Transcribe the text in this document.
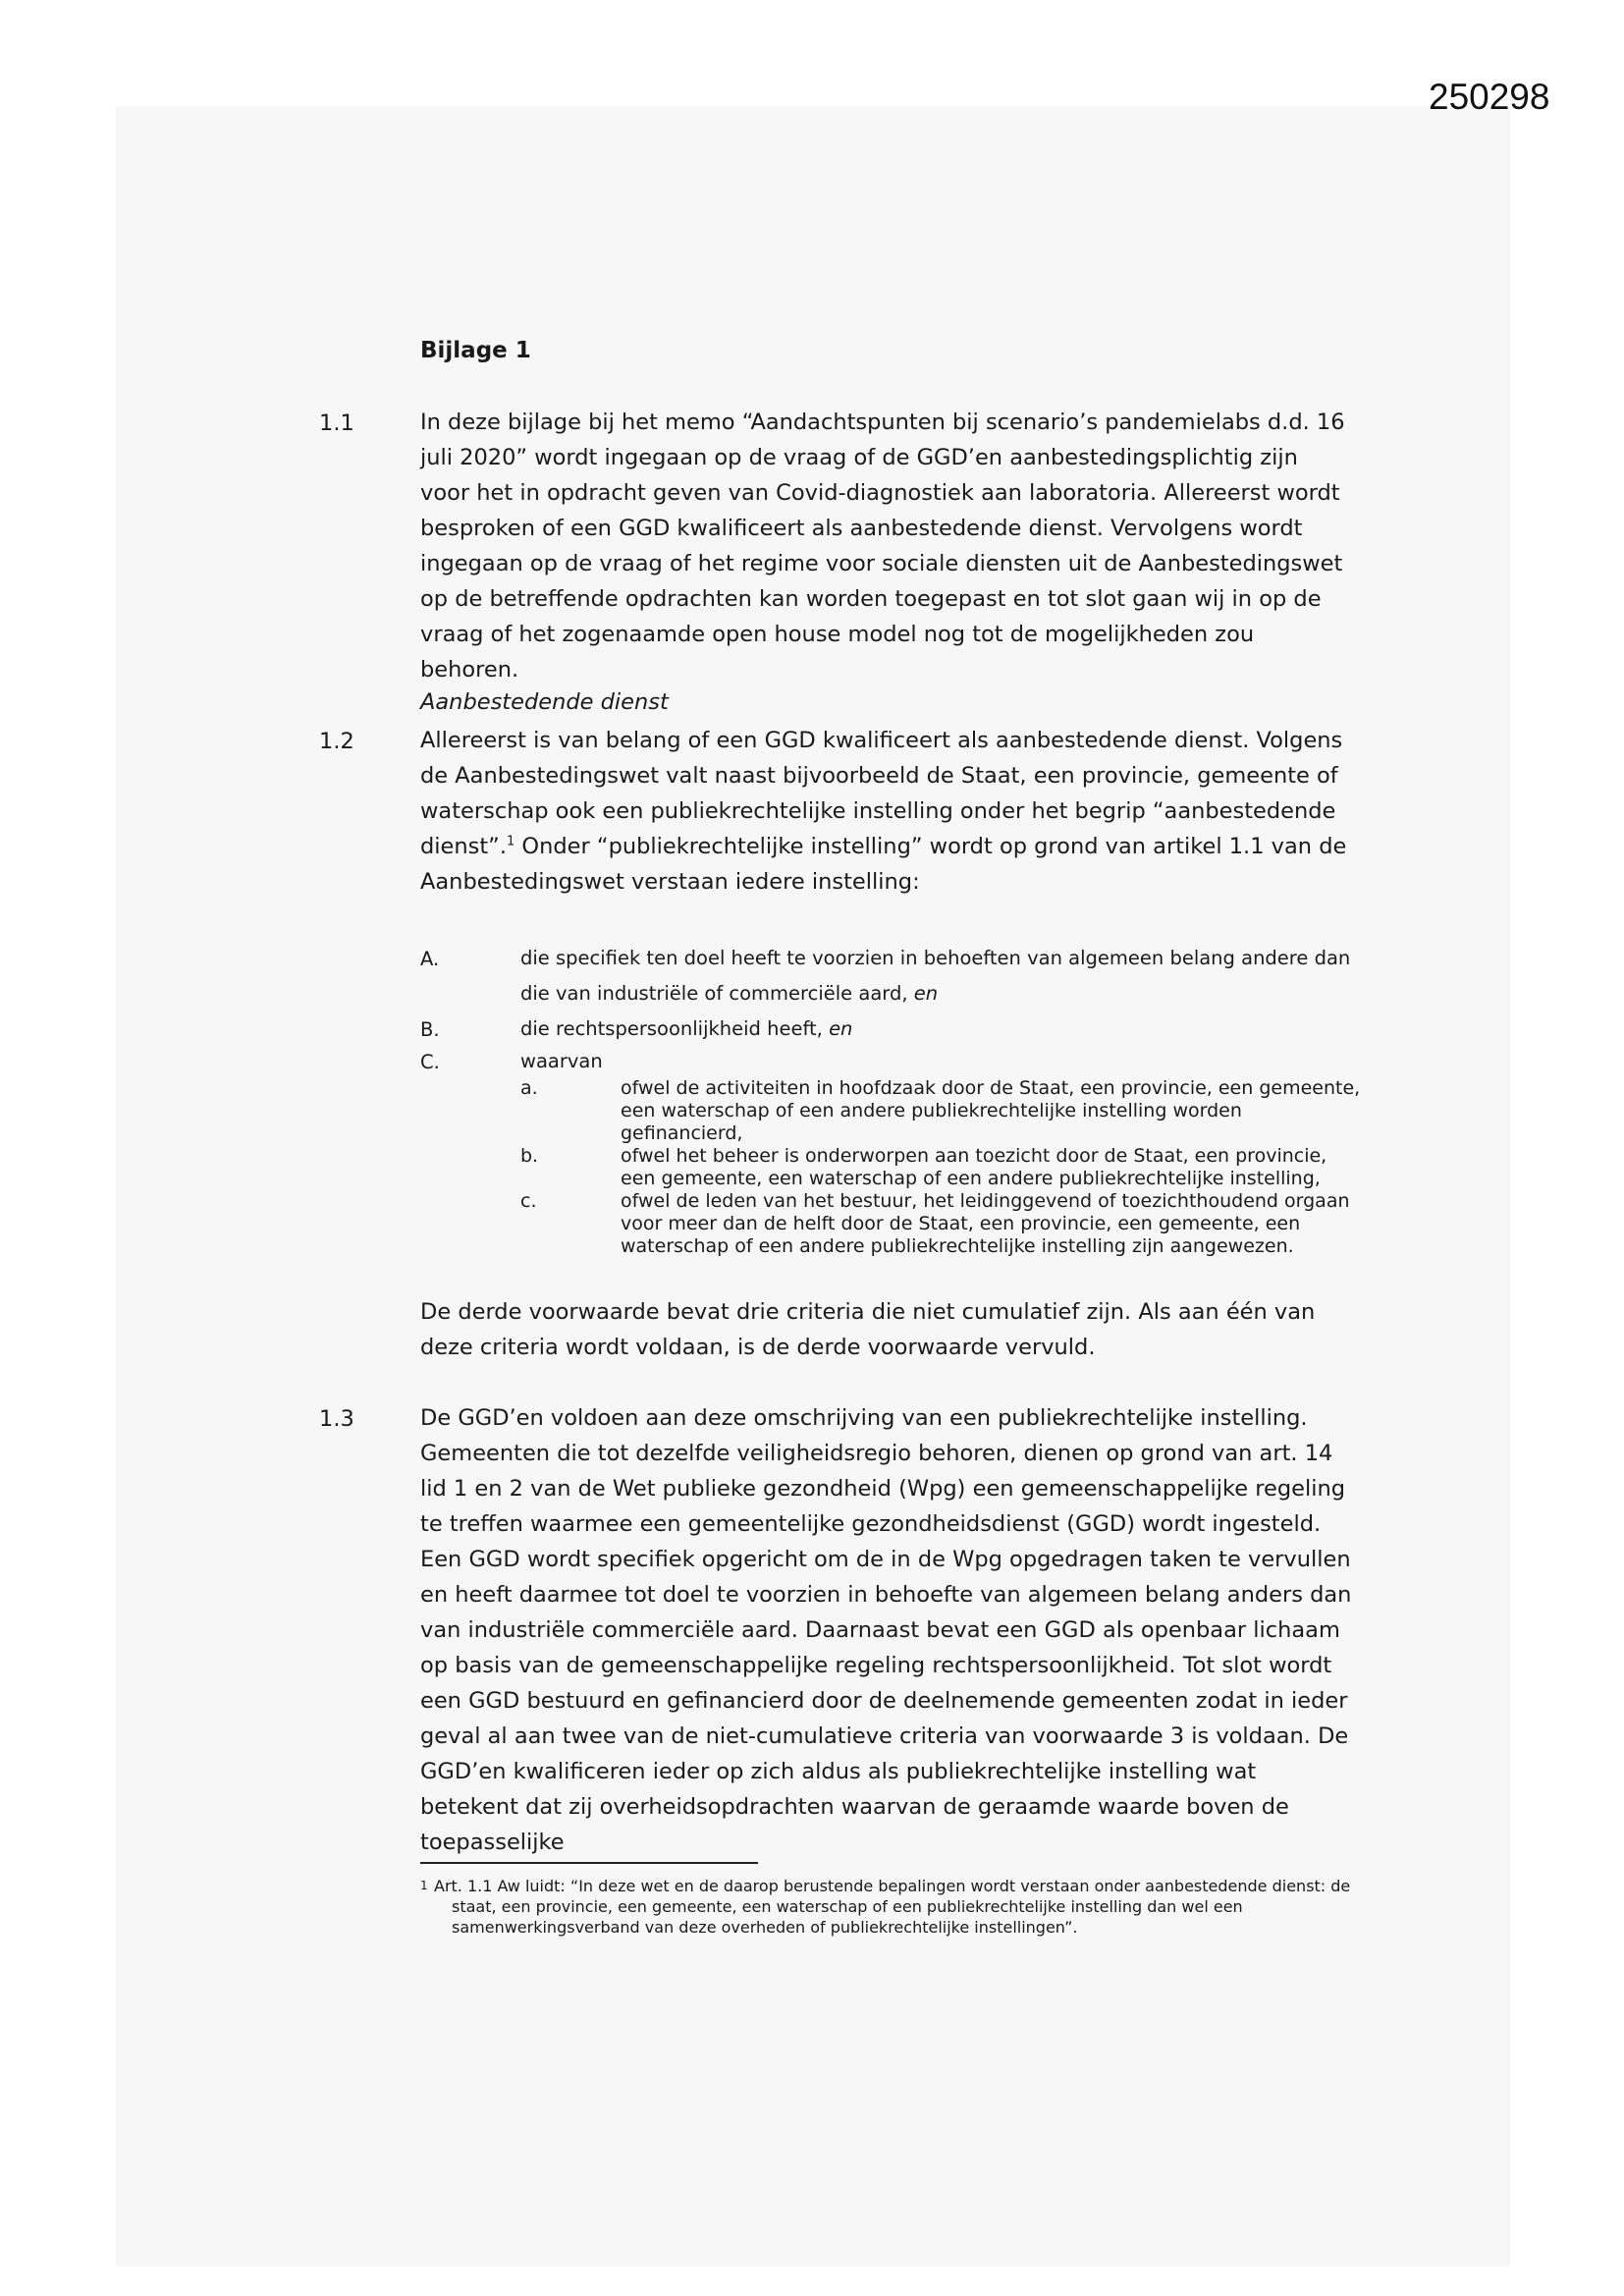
250298
Bijlage 1
1.1	In deze bijlage bij het memo “Aandachtspunten bij scenario’s pandemielabs d.d. 16 juli 2020” wordt ingegaan op de vraag of de GGD’en aanbestedingsplichtig zijn voor het in opdracht geven van Covid-diagnostiek aan laboratoria. Allereerst wordt besproken of een GGD kwalificeert als aanbestedende dienst. Vervolgens wordt ingegaan op de vraag of het regime voor sociale diensten uit de Aanbestedingswet op de betreffende opdrachten kan worden toegepast en tot slot gaan wij in op de vraag of het zogenaamde open house model nog tot de mogelijkheden zou behoren.

Aanbestedende dienst
1.2	Allereerst is van belang of een GGD kwalificeert als aanbestedende dienst. Volgens de Aanbestedingswet valt naast bijvoorbeeld de Staat, een provincie, gemeente of waterschap ook een publiekrechtelijke instelling onder het begrip “aanbestedende dienst”.$^1$ Onder “publiekrechtelijke instelling” wordt op grond van artikel 1.1 van de Aanbestedingswet verstaan iedere instelling:

A.	die specifiek ten doel heeft te voorzien in behoeften van algemeen belang andere dan die van industriële of commerciële aard, en

B.	die rechtspersoonlijkheid heeft, en

C.	waarvan

a.	ofwel de activiteiten in hoofdzaak door de Staat, een provincie, een gemeente, een waterschap of een andere publiekrechtelijke instelling worden gefinancierd,

b.	ofwel het beheer is onderworpen aan toezicht door de Staat, een provincie, een gemeente, een waterschap of een andere publiekrechtelijke instelling,

c.	ofwel de leden van het bestuur, het leidinggevend of toezichthoudend orgaan voor meer dan de helft door de Staat, een provincie, een gemeente, een waterschap of een andere publiekrechtelijke instelling zijn aangewezen.

De derde voorwaarde bevat drie criteria die niet cumulatief zijn. Als aan één van deze criteria wordt voldaan, is de derde voorwaarde vervuld.

1.3	De GGD’en voldoen aan deze omschrijving van een publiekrechtelijke instelling. Gemeenten die tot dezelfde veiligheidsregio behoren, dienen op grond van art. 14 lid 1 en 2 van de Wet publieke gezondheid (Wpg) een gemeenschappelijke regeling te treffen waarmee een gemeentelijke gezondheidsdienst (GGD) wordt ingesteld. Een GGD wordt specifiek opgericht om de in de Wpg opgedragen taken te vervullen en heeft daarmee tot doel te voorzien in behoefte van algemeen belang anders dan van industriële commerciële aard. Daarnaast bevat een GGD als openbaar lichaam op basis van de gemeenschappelijke regeling rechtspersoonlijkheid. Tot slot wordt een GGD bestuurd en gefinancierd door de deelnemende gemeenten zodat in ieder geval al aan twee van de niet-cumulatieve criteria van voorwaarde 3 is voldaan. De GGD’en kwalificeren ieder op zich aldus als publiekrechtelijke instelling wat betekent dat zij overheidsopdrachten waarvan de geraamde waarde boven de toepasselijke

1 Art. 1.1 Aw luidt: “In deze wet en de daarop berustende bepalingen wordt verstaan onder aanbestedende dienst: de staat, een provincie, een gemeente, een waterschap of een publiekrechtelijke instelling dan wel een samenwerkingsverband van deze overheden of publiekrechtelijke instellingen”.
